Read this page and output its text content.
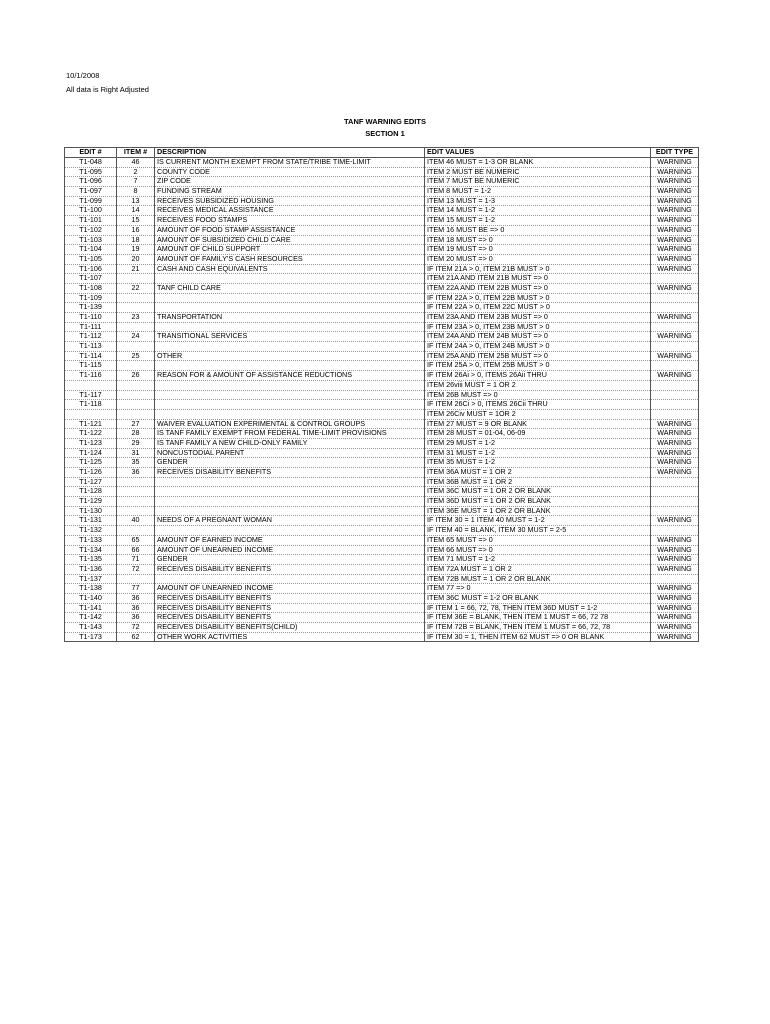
10/1/2008
All data is Right Adjusted
TANF WARNING EDITS
SECTION 1
EDIT #	ITEM #	DESCRIPTION	EDIT VALUES	EDIT TYPE
T1-048	46	IS CURRENT MONTH EXEMPT FROM STATE/TRIBE TIME-LIMIT	ITEM 46 MUST = 1-3 OR BLANK	WARNING
T1-095	2	COUNTY CODE	ITEM 2 MUST BE NUMERIC	WARNING
T1-096	7	ZIP CODE	ITEM 7 MUST BE NUMERIC	WARNING
T1-097	8	FUNDING STREAM	ITEM 8 MUST = 1-2	WARNING
T1-099	13	RECEIVES SUBSIDIZED HOUSING	ITEM 13 MUST = 1-3	WARNING
T1-100	14	RECEIVES MEDICAL ASSISTANCE	ITEM 14 MUST = 1-2	WARNING
T1-101	15	RECEIVES FOOD STAMPS	ITEM 15 MUST = 1-2	WARNING
T1-102	16	AMOUNT OF FOOD STAMP ASSISTANCE	ITEM 16 MUST BE => 0	WARNING
T1-103	18	AMOUNT OF SUBSIDIZED CHILD CARE	ITEM 18 MUST => 0	WARNING
T1-104	19	AMOUNT OF CHILD SUPPORT	ITEM 19 MUST => 0	WARNING
T1-105	20	AMOUNT OF FAMILY'S CASH RESOURCES	ITEM 20 MUST => 0	WARNING
T1-106	21	CASH AND CASH EQUIVALENTS	IF ITEM 21A > 0, ITEM 21B MUST > 0	WARNING
T1-107			ITEM 21A AND ITEM 21B MUST => 0	
T1-108	22	TANF CHILD CARE	ITEM 22A AND ITEM 22B MUST => 0	WARNING
T1-109			IF ITEM 22A > 0, ITEM 22B MUST > 0	
T1-139			IF ITEM 22A > 0, ITEM 22C MUST > 0	
T1-110	23	TRANSPORTATION	ITEM 23A AND ITEM 23B MUST => 0	WARNING
T1-111			IF ITEM 23A > 0, ITEM 23B MUST > 0	
T1-112	24	TRANSITIONAL SERVICES	ITEM 24A AND ITEM 24B MUST => 0	WARNING
T1-113			IF ITEM 24A > 0, ITEM 24B MUST > 0	
T1-114	25	OTHER	ITEM 25A AND ITEM 25B MUST => 0	WARNING
T1-115			IF ITEM 25A > 0, ITEM 25B MUST > 0	
T1-116	26	REASON FOR & AMOUNT OF ASSISTANCE REDUCTIONS	IF ITEM 26Ai > 0, ITEMS 26Aii THRU	WARNING
			ITEM 26viii MUST = 1 OR 2	
T1-117			ITEM 26B MUST => 0	
T1-118			IF ITEM 26Ci > 0, ITEMS 26Cii THRU	
			ITEM 26Civ MUST = 1OR 2	
T1-121	27	WAIVER EVALUATION EXPERIMENTAL & CONTROL GROUPS	ITEM 27 MUST = 9 OR BLANK	WARNING
T1-122	28	IS TANF FAMILY EXEMPT FROM FEDERAL TIME-LIMIT PROVISIONS	ITEM 28 MUST = 01-04, 06-09	WARNING
T1-123	29	IS TANF FAMILY A NEW CHILD-ONLY FAMILY	ITEM 29 MUST = 1-2	WARNING
T1-124	31	NONCUSTODIAL PARENT	ITEM 31 MUST = 1-2	WARNING
T1-125	35	GENDER	ITEM 35 MUST = 1-2	WARNING
T1-126	36	RECEIVES DISABILITY BENEFITS	ITEM 36A MUST = 1 OR 2	WARNING
T1-127			ITEM 36B MUST = 1 OR 2	
T1-128			ITEM 36C MUST = 1 OR 2 OR BLANK	
T1-129			ITEM 36D MUST = 1 OR 2 OR BLANK	
T1-130			ITEM 36E MUST = 1 OR 2 OR BLANK	
T1-131	40	NEEDS OF A PREGNANT WOMAN	IF ITEM 30 = 1 ITEM 40 MUST = 1-2	WARNING
T1-132			IF ITEM 40 = BLANK, ITEM 30 MUST = 2-5	
T1-133	65	AMOUNT OF EARNED INCOME	ITEM 65 MUST => 0	WARNING
T1-134	66	AMOUNT OF UNEARNED INCOME	ITEM 66 MUST => 0	WARNING
T1-135	71	GENDER	ITEM 71 MUST = 1-2	WARNING
T1-136	72	RECEIVES DISABILITY BENEFITS	ITEM 72A MUST = 1 OR 2	WARNING
T1-137			ITEM 72B MUST = 1 OR 2 OR BLANK	
T1-138	77	AMOUNT OF UNEARNED INCOME	ITEM 77 => 0	WARNING
T1-140	36	RECEIVES DISABILITY BENEFITS	ITEM 36C MUST = 1-2 OR BLANK	WARNING
T1-141	36	RECEIVES DISABILITY BENEFITS	IF ITEM 1 = 66, 72, 78, THEN ITEM 36D MUST = 1-2	WARNING
T1-142	36	RECEIVES DISABILITY BENEFITS	IF ITEM 36E = BLANK, THEN ITEM 1 MUST = 66, 72 78	WARNING
T1-143	72	RECEIVES DISABILITY BENEFITS(CHILD)	IF ITEM 72B = BLANK, THEN ITEM 1 MUST = 66, 72, 78	WARNING
T1-173	62	OTHER WORK ACTIVITIES	IF ITEM 30 = 1, THEN ITEM 62 MUST => 0 OR BLANK	WARNING
